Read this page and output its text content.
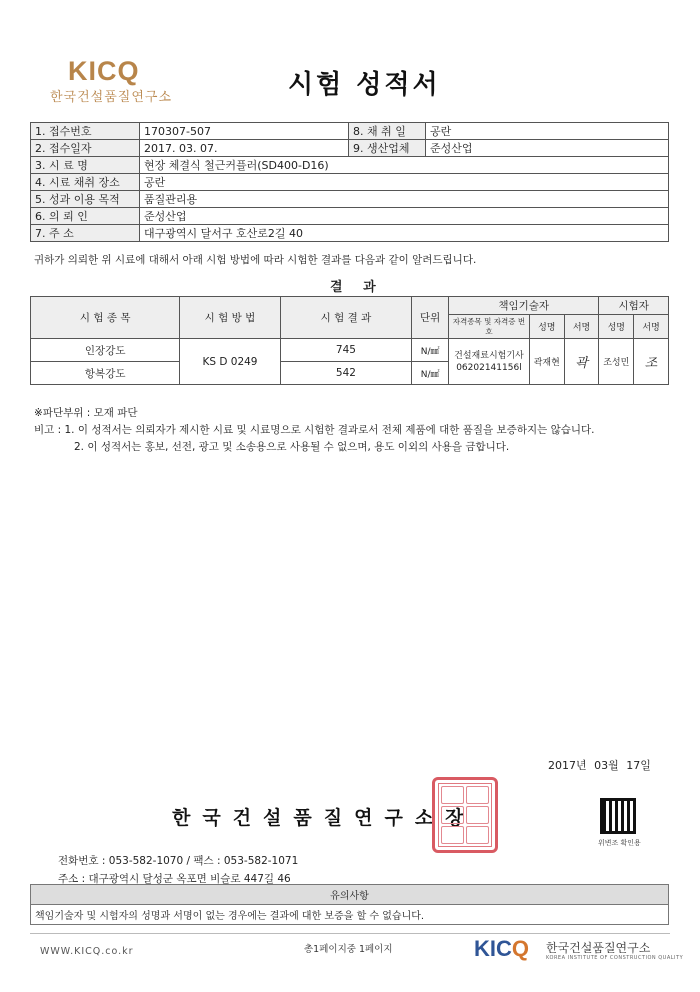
KICQ
한국건설품질연구소	시험 성적서
1. 접수번호	170307-507	8. 채 취 일	공란
2. 접수일자	2017. 03. 07.	9. 생산업체	준성산업
3. 시 료 명	현장 체결식 철근커플러(SD400-D16)		
4. 시료 채취 장소	공란		
5. 성과 이용 목적	품질관리용		
6. 의 뢰 인	준성산업		
7. 주 소	대구광역시 달서구 호산로2길 40		
귀하가 의뢰한 위 시료에 대해서 아래 시험 방법에 따라 시험한 결과를 다음과 같이 알려드립니다.
결 과
시 험 종 목	시 험 방 법	시 험 결 과	단위	책임기술자			시험자	
				자격종목 및 자격증 번호	성명	서명	성명	서명
인장강도	KS D 0249	745	N/㎟	건설재료시험기사
06202141156l	곽재현	곽	조성민	조
항복강도		542	N/㎟					
※파단부위 : 모재 파단
비고 : 1. 이 성적서는 의뢰자가 제시한 시료 및 시료명으로 시험한 결과로서 전체 제품에 대한 품질을 보증하지는 않습니다.
2. 이 성적서는 홍보, 선전, 광고 및 소송용으로 사용될 수 없으며, 용도 이외의 사용을 금합니다.
2017년 03월 17일
한국건설품질연구소장
위변조 확인용
전화번호 : 053-582-1070 / 팩스 : 053-582-1071
주소 : 대구광역시 달성군 옥포면 비슬로 447길 46
유의사항
책임기술자 및 시험자의 성명과 서명이 없는 경우에는 결과에 대한 보증을 할 수 없습니다.
WWW.KICQ.co.kr	총1페이지중 1페이지	KICQ 한국건설품질연구소
KOREA INSTITUTE OF CONSTRUCTION QUALITY
